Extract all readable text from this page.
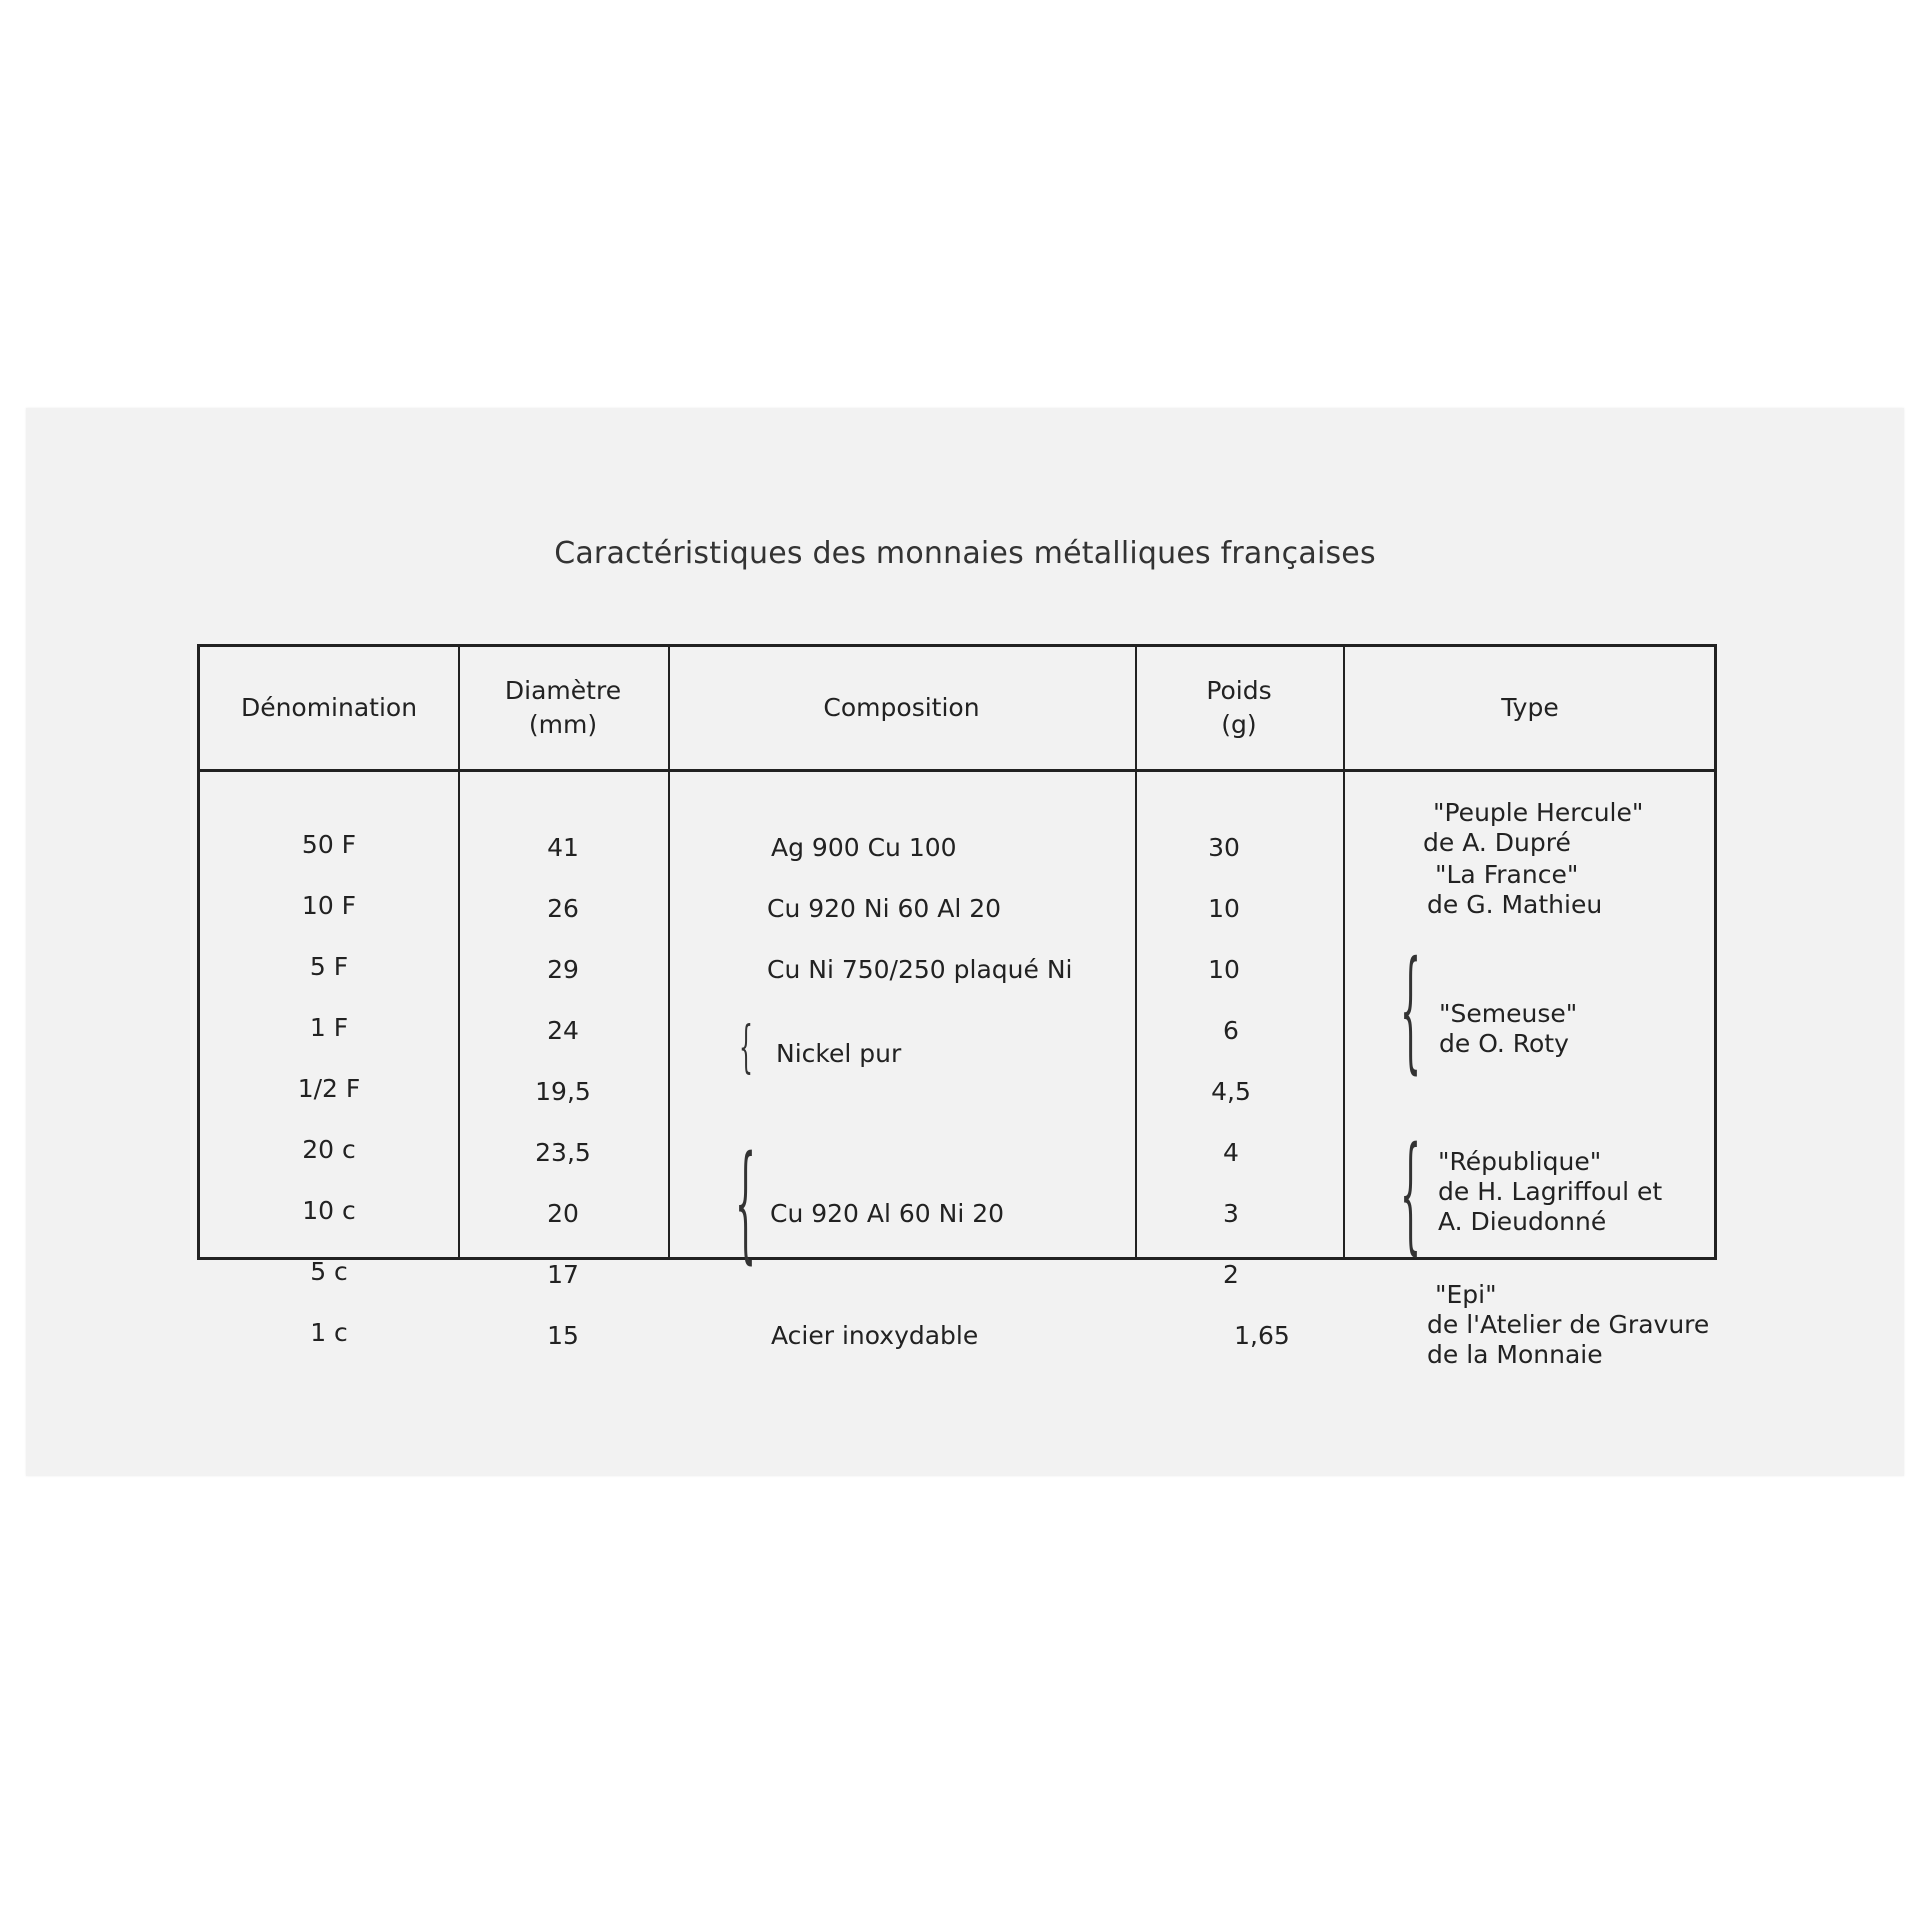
Caractéristiques des monnaies métalliques françaises
Dénomination
Diamètre
(mm)
Composition
Poids
(g)
Type
50 F
10 F
5 F
1 F
1/2 F
20 c
10 c
5 c
1 c
41
26
29
24
19,5
23,5
20
17
15
Ag 900 Cu 100
Cu 920 Ni 60 Al 20
Cu Ni 750/250 plaqué Ni
{ Nickel pur
{ Cu 920 Al 60 Ni 20
Acier inoxydable
30
10
10
6
4,5
4
3
2
1,65
"Peuple Hercule"
de A. Dupré
"La France"
de G. Mathieu
{ "Semeuse"
de O. Roty
{ "République"
de H. Lagriffoul et
A. Dieudonné
"Epi"
de l'Atelier de Gravure
de la Monnaie
